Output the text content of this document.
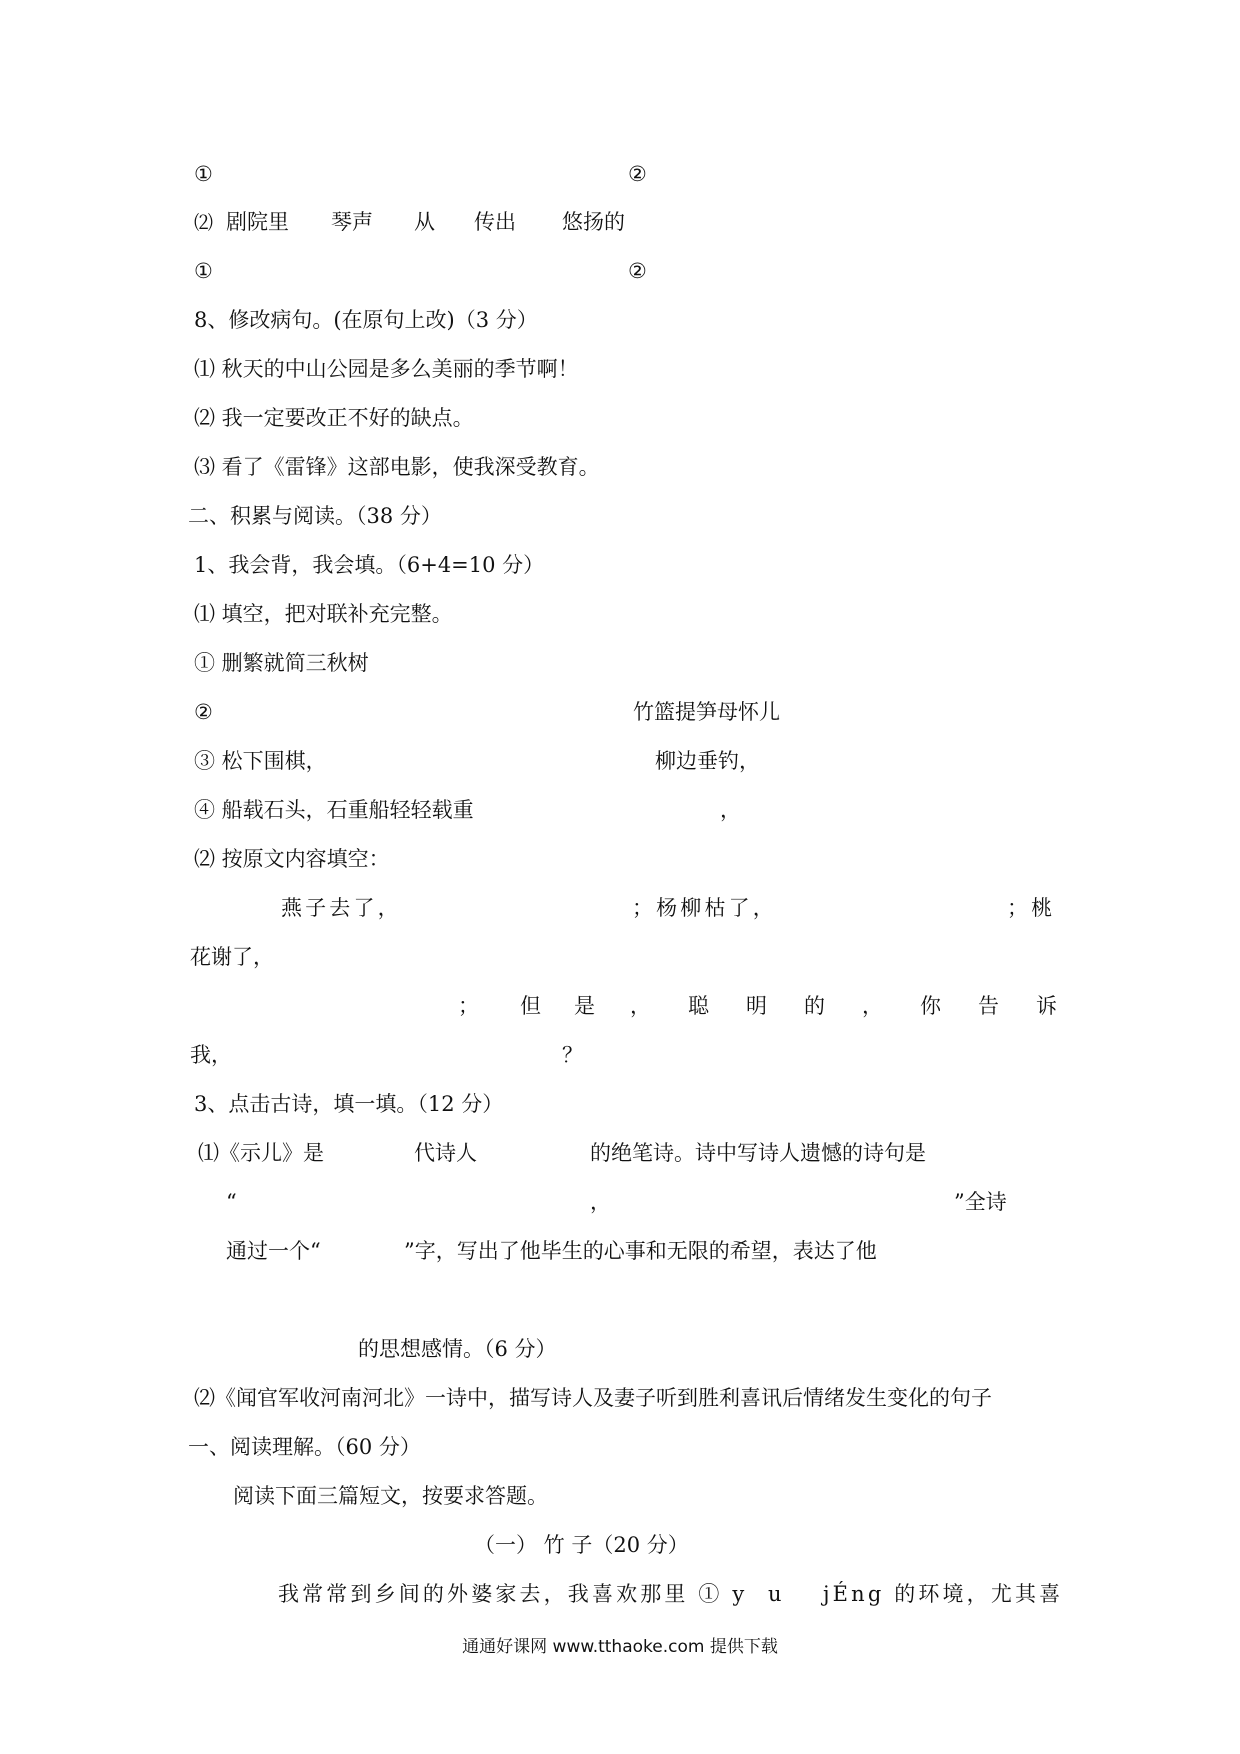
①	②
⑵ 剧院里 琴声 从 传出 悠扬的
①	②
8、修改病句。(在原句上改)（3 分）
⑴ 秋天的中山公园是多么美丽的季节啊！
⑵ 我一定要改正不好的缺点。
⑶ 看了《雷锋》这部电影，使我深受教育。
二、积累与阅读。（38 分）
1、我会背，我会填。（6+4=10 分）
⑴ 填空，把对联补充完整。
① 删繁就简三秋树
②	竹篮提笋母怀儿
③ 松下围棋，	柳边垂钓，
④ 船载石头，石重船轻轻载重	，
⑵ 按原文内容填空：
燕子去了，	；杨柳枯了，	；桃
花谢了，
； 但 是 ， 聪 明 的 ， 你 告 诉
我，	？
3、点击古诗，填一填。（12 分）
⑴《示儿》是	代诗人	的绝笔诗。诗中写诗人遗憾的诗句是
“	，	”全诗
通过一个“	”字，写出了他毕生的心事和无限的希望，表达了他
的思想感情。（6 分）
⑵《闻官军收河南河北》一诗中，描写诗人及妻子听到胜利喜讯后情绪发生变化的句子
一、阅读理解。（60 分）
阅读下面三篇短文，按要求答题。
（一） 竹 子（20 分）
我常常到乡间的外婆家去，我喜欢那里 ① y u jÉng 的环境，尤其喜
通通好课网 www.tthaoke.com 提供下载
